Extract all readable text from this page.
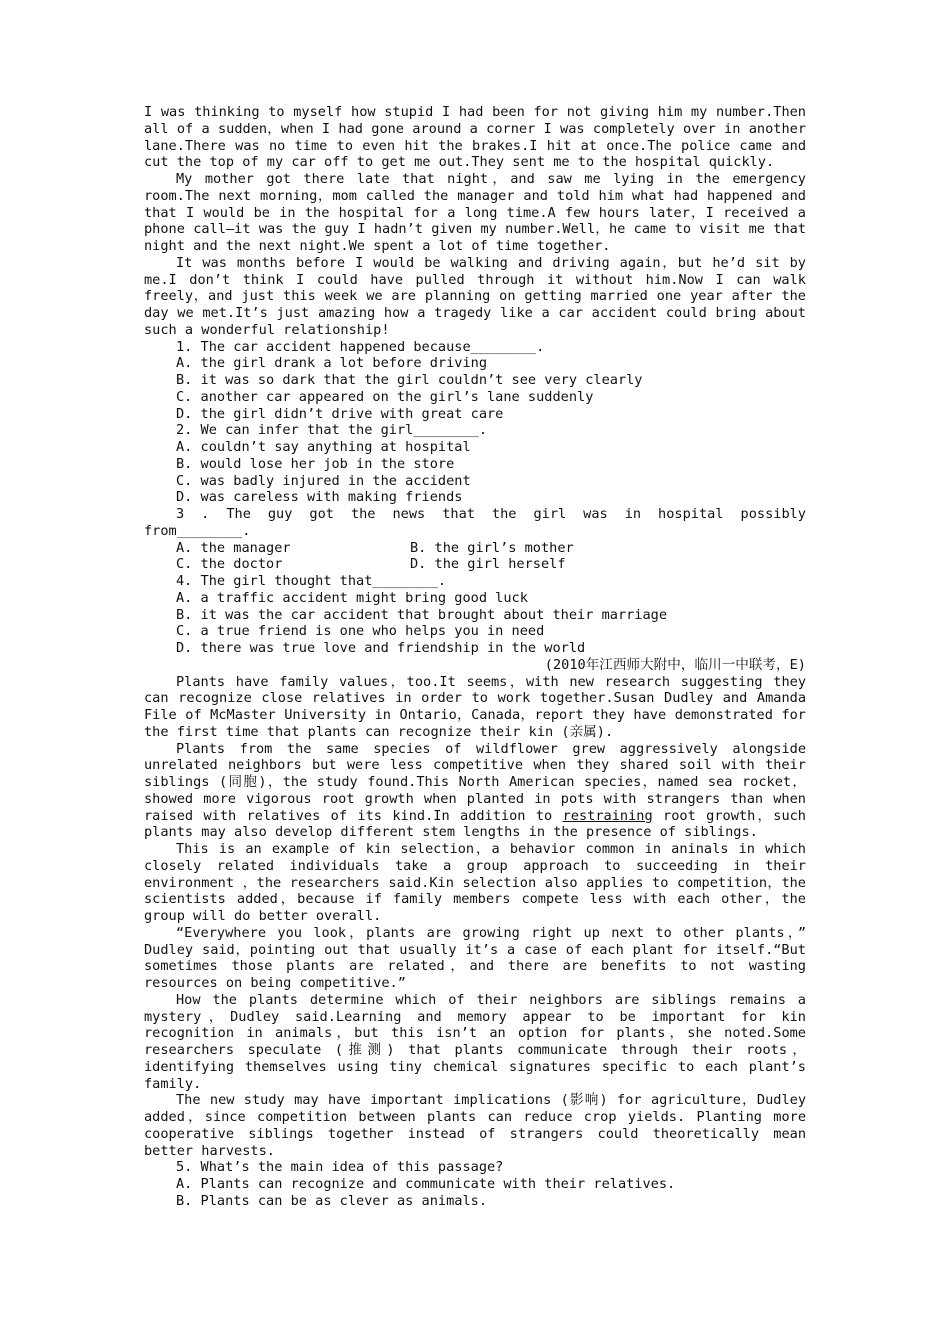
I was thinking to myself how stupid I had been for not giving him my number.Then all of a sudden，when I had gone around a corner I was completely over in another lane.There was no time to even hit the brakes.I hit at once.The police came and cut the top of my car off to get me out.They sent me to the hospital quickly.

My mother got there late that night，and saw me lying in the emergency room.The next morning，mom called the manager and told him what had happened and that I would be in the hospital for a long time.A few hours later，I received a phone call—it was the guy I hadn’t given my number.Well，he came to visit me that night and the next night.We spent a lot of time together.

It was months before I would be walking and driving again，but he’d sit by me.I don’t think I could have pulled through it without him.Now I can walk freely，and just this week we are planning on getting married one year after the day we met.It’s just amazing how a tragedy like a car accident could bring about such a wonderful relationship!

1. The car accident happened because________.

A. the girl drank a lot before driving

B. it was so dark that the girl couldn’t see very clearly

C. another car appeared on the girl’s lane suddenly

D. the girl didn’t drive with great care

2. We can infer that the girl________.

A. couldn’t say anything at hospital

B. would lose her job in the store

C. was badly injured in the accident

D. was careless with making friends

3 . The guy got the news that the girl was in hospital possibly from________.

A. the manager	B. the girl’s mother
C. the doctor	D. the girl herself

4. The girl thought that________.

A. a traffic accident might bring good luck

B. it was the car accident that brought about their marriage

C. a true friend is one who helps you in need

D. there was true love and friendship in the world

(2010年江西师大附中，临川一中联考，E)

Plants have family values，too.It seems，with new research suggesting they can recognize close relatives in order to work together.Susan Dudley and Amanda File of McMaster University in Ontario，Canada，report they have demonstrated for the first time that plants can recognize their kin (亲属).

Plants from the same species of wildflower grew aggressively alongside unrelated neighbors but were less competitive when they shared soil with their siblings (同胞)，the study found.This North American species，named sea rocket，showed more vigorous root growth when planted in pots with strangers than when raised with relatives of its kind.In addition to restraining root growth，such plants may also develop different stem lengths in the presence of siblings.

This is an example of kin selection，a behavior common in aninals in which closely related individuals take a group approach to succeeding in their environment ，the researchers said.Kin selection also applies to competition，the scientists added，because if family members compete less with each other，the group will do better overall.

“Everywhere you look，plants are growing right up next to other plants，” Dudley said，pointing out that usually it’s a case of each plant for itself.“But sometimes those plants are related，and there are benefits to not wasting resources on being competitive.”

How the plants determine which of their neighbors are siblings remains a mystery，Dudley said.Learning and memory appear to be important for kin recognition in animals，but this isn’t an option for plants，she noted.Some researchers speculate (推测) that plants communicate through their roots，identifying themselves using tiny chemical signatures specific to each plant’s family.

The new study may have important implications (影响) for agriculture，Dudley added，since competition between plants can reduce crop yields. Planting more cooperative siblings together instead of strangers could theoretically mean better harvests.

5. What’s the main idea of this passage?

A. Plants can recognize and communicate with their relatives.

B. Plants can be as clever as animals.
